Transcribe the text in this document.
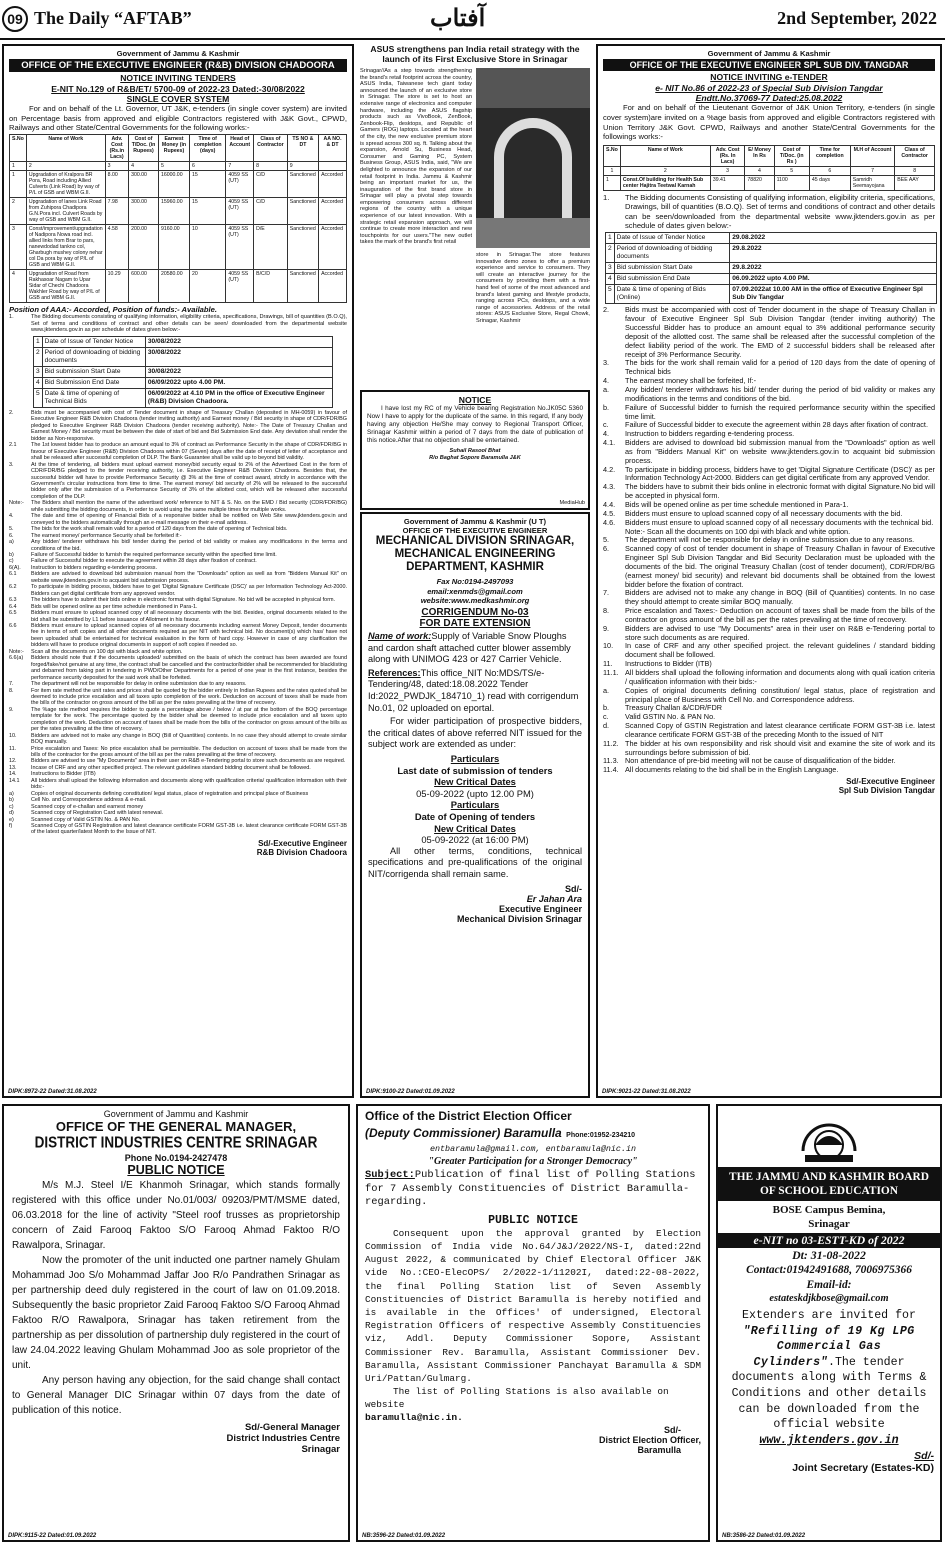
09 The Daily “AFTAB”	آفتاب	2nd September, 2022
Government of Jammu & Kashmir
OFFICE OF THE EXECUTIVE ENGINEER (R&B) DIVISION CHADOORA
NOTICE INVITING TENDERS
E-NIT No.129 of R&B/ET/ 5700-09 of 2022-23 Dated:-30/08/2022
SINGLE COVER SYSTEM
For and on behalf of the Lt. Governor, UT J&K, e-tenders (in single cover system) are invited on Percentage basis from approved and eligible Contractors registered with J&K Govt., CPWD, Railways and other State/Central Governments for the following works:-
S.No	Name of Work	Adv. Cost (Rs.in Lacs)	Cost of T/Doc. (in Rupees)	Earnest Money (in Rupees)	Time of completion (days)	Head of Account	Class of Contractor	TS NO & DT	AA NO. & DT
1	2	3	4	5	6	7	8	9	
1	Upgradation of Kralpora BR Pora, Road including Allied Culverts (Link Road) by way of P/L of GSB and WBM G.II.	8.00	300.00	16000.00	15	4059 SS (UT)	C/D	Sanctioned	Accorded
2	Upgradation of lanes Link Road from Zuhipora Chadipora G.N.Pora incl. Culvert Roads by way of GSB and WBM G.II.	7.98	300.00	15960.00	15	4059 SS (UT)	C/D	Sanctioned	Accorded
3	Const/improvement/upgradation of Nadipora Nowa road incl. allied links from Brar to pars, nanewdodad tankno col, Gharbugh mushey colony nehar col Da pora by way of P/L of GSB and WBM G.II.	4.58	200.00	9160.00	10	4059 SS (UT)	D/E	Sanctioned	Accorded
4	Upgradation of Road from Rakhasoar Nagam to Upar Sidar of Chechi Chadoora Wakhler Road by way of P/L of GSB and WBM G.II.	10.29	600.00	20580.00	20	4059 SS (UT)	B/C/D	Sanctioned	Accorded
Position of AAA:- Accorded, Position of funds:- Available.
1.	The Bidding documents consisting of qualifying information, eligibility criteria, specifications, Drawings, bill of quantities (B.O.Q), Set of terms and conditions of contract and other details can be seen/ downloaded from the departmental website www.jktenders.gov.in as per schedule of dates given below:-
1	Date of Issue of Tender Notice	30/08/2022
2	Period of downloading of bidding documents	30/08/2022
3	Bid submission Start Date	30/08/2022
4	Bid Submission End Date	06/09/2022 upto 4.00 PM.
5	Date & time of opening of Technical Bids	06/09/2022 at 4.10 PM in the office of Executive Engineer (R&B) Division Chadoora.
2.	Bids must be accompanied with cost of Tender document in shape of Treasury Challan (deposited in MH-0059) in favour of Executive Engineer R&B Division Chadoora (tender inviting authority) and Earnest money / Bid security in shape of CDR/FDR/BG pledged to Executive Engineer R&B Division Chadoora (tender receiving authority). Note:- The Date of Treasury Challan and Earnest Money / Bid security must be between the date of start of bid and Bid Submission End date. Any deviation shall render the bidder as Non-responsive.
2.1	The 1st lowest bidder has to produce an amount equal to 3% of contract as Performance Security in the shape of CDR/FDR/BG in favour of Executive Engineer (R&B) Division Chadoora within 07 (Seven) days after the date of receipt of letter of acceptance and shall be released after successful completion of DLP. The Bank Guarantee shall be valid up to beyond bid validity.
3.	At the time of tendering, all bidders must upload earnest money/bid security equal to 2% of the Advertised Cost in the form of CDR/FDR/BG pledged to the tender receiving authority, i.e. Executive Engineer R&B Division Chadoora. Besides that, the successful bidder will have to provide Performance Security @ 3% at the time of contract award, strictly in accordance with the Government's circular instructions from time to time. The earnest money/ bid security of 2% will be released to the successful bidder only after the submission of a Performance Security of 3% of the allotted cost, which will be released after successful completion of the DLP.
Note:-	The Bidders shall mention the name of the advertised work/ reference to NIT & S. No. on the EMD / Bid security (CDR/FDR/BG) while submitting the bidding documents, in order to avoid using the same multiple times for multiple works.
4.	The date and time of opening of Financial Bids of a responsive bidder shall be notified on Web Site www.jktenders.gov.in and conveyed to the bidders automatically through an e-mail message on their e-mail address.
5.	The bids for the work shall remain valid for a period of 120 days from the date of opening of Technical bids.
6.	The earnest money/ performance Security shall be forfeited if:-
a)	Any bidder/ tenderer withdraws his bid/ tender during the period of bid validity or makes any modifications in the terms and conditions of the bid.
b)	Failure of Successful bidder to furnish the required performance security within the specified time limit.
c)	Failure of Successful bidder to execute the agreement within 28 days after fixation of contract.
6(A).	Instruction to bidders regarding e-tendering process.
6.1	Bidders are advised to download bid submission manual from the "Downloads" option as well as from "Bidders Manual Kit" on website www.jktenders.gov.in to acquaint bid submission process.
6.2	To participate in bidding process, bidders have to get 'Digital Signature Certificate (DSC)' as per Information Technology Act-2000. Bidders can get digital certificate from any approved vendor.
6.3	The bidders have to submit their bids online in electronic format with digital Signature. No bid will be accepted in physical form.
6.4	Bids will be opened online as per time schedule mentioned in Para-1.
6.5	Bidders must ensure to upload scanned copy of all necessary documents with the bid. Besides, original documents related to the bid shall be submitted by L1 before issuance of Allotment in his favour.
6.6	Bidders must ensure to upload scanned copies of all necessary documents including earnest Money Deposit, tender documents fee in terms of soft copies and all other documents required as per NIT with technical bid. No document(s) which has/ have not been uploaded shall be entertained for technical evaluation in the form of hard copy. However in case of any clarification the bidders will have to produce original documents in support of soft copies if needed so.
Note:-	Scan all the documents on 100 dpi with black and white option.
6.6(a)	Bidders should note that if the documents uploaded/ submitted on the basis of which the contract has been awarded are found forged/fake/not genuine at any time, the contract shall be cancelled and the contractor/bidder shall be recommended for blacklisting and debarred from taking part in tendering in PWD/Other Departments for a period of one year in the first instance, besides the performance security deposited for the said work shall be forfeited.
7.	The department will not be responsible for delay in online submission due to any reasons.
8.	For item rate method the unit rates and prices shall be quoted by the bidder entirely in Indian Rupees and the rates quoted shall be deemed to include price escalation and all taxes upto completion of the work. Deduction on account of taxes shall be made from the bills of the contractor on gross amount of the bill as per the rates prevailing at the time of recovery.
9.	The %age rate method requires the bidder to quote a percentage above / below / at par at the bottom of the BOQ percentage template for the work. The percentage quoted by the bidder shall be deemed to include price escalation and all taxes upto completion of the work. Deduction on account of taxes shall be made from the bills of the contractor on gross amount of the bills as per the rates prevailing at the time of recovery.
10.	Bidders are advised not to make any change in BOQ (Bill of Quantities) contents. In no case they should attempt to create similar BOQ manually.
11.	Price escalation and Taxes: No price escalation shall be permissible. The deduction on account of taxes shall be made from the bills of the contractor for the gross amount of the bill as per the rates prevailing at the time of recovery.
12.	Bidders are advised to use "My Documents" area in their user on R&B e-Tendering portal to store such documents as are required.
13.	Incase of CRF and any other specified project. The relevant guidelines standard bidding document shall be followed.
14.	Instructions to Bidder (ITB)
14.1	All bidders shall upload the following information and documents along with qualification criteria/ qualification information with their bids:-
a)	Copies of original documents defining constitution/ legal status, place of registration and principal place of Business
b)	Cell No. and Correspondence address & e-mail.
c)	Scanned copy of e-challan and earnest money
d)	Scanned copy of Registration Card with latest renewal.
e)	Scanned copy of Valid GSTIN No. & PAN No.
f)	Scanned Copy of GSTIN Registration and latest clearance certificate FORM GST-3B i.e. latest clearance certificate FORM GST-3B of the latest quarter/latest Month to the Issue of NIT.
Sd/-Executive Engineer
R&B Division Chadoora
DIPK:8972-22 Dated:31.08.2022
ASUS strengthens pan India retail strategy with the launch of its First Exclusive Store in Srinagar
Srinagar//As a step towards strengthening the brand's retail footprint across the country, ASUS India, Taiwanese tech giant today announced the launch of an exclusive store in Srinagar. The store is set to host an extensive range of electronics and computer hardware, including the ASUS flagship products such as VivoBook, ZenBook, Zenbook-Flip, desktops, and Republic of Gamers (ROG) laptops. Located at the heart of the city, the new exclusive premium store is spread across 300 sq. ft. Talking about the expansion, Arnold Su, Business Head, Consumer and Gaming PC, System Business Group, ASUS India, said, "We are delighted to announce the expansion of our retail footprint in India. Jammu & Kashmir being an important market for us, the inauguration of the first brand store in Srinagar will play a pivotal step towards empowering consumers across different regions of the country with a unique experience of our latest innovation. With a strategic retail expansion approach, we will continue to create more interaction and new touchpoints for our users."The new outlet takes the mark of the brand's first retail
store in Srinagar.The store features innovative demo zones to offer a premium experience and service to consumers. They will create an interactive journey for the consumers by providing them with a first-hand feel of some of the most advanced and brand's latest gaming and lifestyle products, ranging across PCs, desktops, and a wide range of accessories. Address of the retail stores: ASUS Exclusive Store, Regal Chowk, Srinagar, Kashmir
NOTICE
I have lost my RC of my Vehicle bearing Registration No.JK05C 5360 Now I have to apply for the duplicate of the same. In this regard, If any body having any objection He/She may convey to Regional Transport Officer, Srinagar Kashmir within a period of 7 days from the date of publication of this notice.After that no objection shall be entertained.
Suhail Rasool Bhat
R/o Baghat Sopore Baramulla J&K
MediaHub
Government of Jammu & Kashmir (U T)
OFFICE OF THE EXECUTIVE ENGINEER
MECHANICAL DIVISION SRINAGAR,
MECHANICAL ENGINEERING
DEPARTMENT, KASHMIR
Fax No:0194-2497093
email:xenmds@gmail.com
website:www.medkashmir.org
CORRIGENDUM No-03
FOR DATE EXTENSION
Name of work:Supply of Variable Snow Ploughs and cardon shaft attached cutter blower assembly along with UNIMOG 423 or 427 Carrier Vehicle.
References:This office_NIT No:MDS/TS/e-Tendering/48, dated:18.08.2022 Tender Id:2022_PWDJK_184710_1) read with corrigendum No.01, 02 uploaded on eportal.
For wider participation of prospective bidders, the critical dates of above referred NIT issued for the subject work are extended as under:
Particulars
Last date of submission of tenders
New Critical Dates
05-09-2022 (upto 12.00 PM)
Particulars
Date of Opening of tenders
New Critical Dates
05-09-2022 (at 16:00 PM)
All other terms, conditions, technical specifications and pre-qualifications of the original NIT/corrigenda shall remain same.
Sd/-
Er Jahan Ara
Executive Engineer
Mechanical Division Srinagar
DIPK:9100-22 Dated:01.09.2022
Government of Jammu & Kashmir
OFFICE OF THE EXECUTIVE ENGINEER SPL SUB DIV. TANGDAR
NOTICE INVITING e-TENDER
e- NIT No.86 of 2022-23 of Special Sub Division Tangdar
Endtt.No.37069-77 Dated:25.08.2022
For and on behalf of the Lieutenant Governor of J&K Union Territory, e-tenders (in single cover system)are invited on a %age basis from approved and eligible Contractors registered with Union Territory J&K Govt. CPWD, Railways and another State/Central Governments for the followings works:-
S.No	Name of Work	Adv. Cost (Rs. In Lacs)	E/ Money In Rs	Cost of T/Doc. (in Rs )	Time for completion	M.H of Account	Class of Contractor
1	2	3	4	5	6	7	8
1	Const.Of building for Health Sub center Hajitra Teetwal Karnah	39.41	78820	1100	45 days	Samridh Seemayojana	BEE AAY
1.	The Bidding documents Consisting of qualifying information, eligibility criteria, specifications, Drawings, bill of quantities (B.O.Q). Set of terms and conditions of contract and other details can be seen/downloaded from the departmental website www.jktenders.gov.in as per schedule of dates given below:-
1	Date of Issue of Tender Notice	29.08.2022
2	Period of downloading of bidding documents	29.8.2022
3	Bid submission Start Date	29.8.2022
4	Bid submission End Date	06.09.2022 upto 4.00 PM.
5	Date & time of opening of Bids (Online)	07.09.2022at 10.00 AM in the office of Executive Engineer Spl Sub Div Tangdar
2.	Bids must be accompanied with cost of Tender document in the shape of Treasury Challan in favour of Executive Engineer Spl Sub Division Tangdar (tender inviting authority) The Successful Bidder has to produce an amount equal to 3% additional performance security deposit of the allotted cost. The same shall be released after the successful completion of the defect liability period of the work. The EMD of 2 successful bidders shall be released after receipt of 3% Performance Security.
3.	The bids for the work shall remain valid for a period of 120 days from the date of opening of Technical bids
4.	The earnest money shall be forfeited, If:-
a.	Any bidder/ tenderer withdraws his bid/ tender during the period of bid validity or makes any modifications in the terms and conditions of the bid.
b.	Failure of Successful bidder to furnish the required performance security within the specified time limit.
c.	Failure of Successful bidder to execute the agreement within 28 days after fixation of contract.
4.	Instruction to bidders regarding e-tendering process.
4.1.	Bidders are advised to download bid submission manual from the "Downloads" option as well as from "Bidders Manual Kit" on website www.jktenders.gov.in to acquaint bid submission process.
4.2.	To participate in bidding process, bidders have to get 'Digital Signature Certificate (DSC)' as per Information Technology Act-2000. Bidders can get digital certificate from any approved Vendor.
4.3.	The bidders have to submit their bids online in electronic format with digital Signature.No bid will be accepted in physical form.
4.4.	Bids will be opened online as per time schedule mentioned in Para-1.
4.5.	Bidders must ensure to upload scanned copy of all necessary documents with the bid.
4.6.	Bidders must ensure to upload scanned copy of all necessary documents with the technical bid.
Note:- Scan all the documents on 100 dpi with black and white option.
5.	The department will not be responsible for delay in online submission due to any reasons.
6.	Scanned copy of cost of tender document in shape of Treasury Challan in favour of Executive Engineer Spl Sub Division Tangdar and Bid Security Declaration must be uploaded with the documents of the bid. The original Treasury Challan (cost of tender document), CDR/FDR/BG (earnest money/ bid security) and relevant bid documents shall be obtained from the lowest bidder before the fixation of contract.
7.	Bidders are advised not to make any change in BOQ (Bill of Quantities) contents. In no case they should attempt to create similar BOQ manually.
8.	Price escalation and Taxes:- Deduction on account of taxes shall be made from the bills of the contractor on gross amount of the bill as per the rates prevailing at the time of recovery.
9.	Bidders are advised to use "My Documents" area in their user on R&B e-Tendering portal to store such documents as are required.
10.	In case of CRF and any other specified project. the relevant guidelines / standard bidding document shall be followed.
11.	Instructions to Bidder (ITB)
11.1. All bidders shall upload the following information and documents along with quali ication criteria / qualification information with their bids:-
a.	Copies of original documents defining constitution/ legal status, place of registration and principal place of Business with Cell No. and Correspondence address.
b.	Treasury Challan &/CDR/FDR
c.	Valid GSTIN No. & PAN No.
d.	Scanned Copy of GSTIN Registration and latest clearance certificate FORM GST-3B i.e. latest clearance certificate FORM GST-3B of the preceding Month to the issued of NIT
11.2. The bidder at his own responsibility and risk should visit and examine the site of work and its surroundings before submission of bid.
11.3. Non attendance of pre-bid meeting will not be cause of disqualification of the bidder.
11.4. All documents relating to the bid shall be in the English Language.
Sd/-Executive Engineer
Spl Sub Division Tangdar
DIPK:9021-22 Dated:31.08.2022
Government of Jammu and Kashmir
OFFICE OF THE GENERAL MANAGER,
DISTRICT INDUSTRIES CENTRE SRINAGAR
Phone No.0194-2427478
PUBLIC NOTICE
M/s M.J. Steel I/E Khanmoh Srinagar, which stands formally registered with this office under No.01/003/ 09203/PMT/MSME dated, 06.03.2018 for the line of activity "Steel roof trusses as proprietorship concern of Zaid Farooq Faktoo S/O Farooq Ahmad Faktoo R/O Rawalpora, Srinagar.
Now the promoter of the unit inducted one partner namely Ghulam Mohammad Joo S/o Mohammad Jaffar Joo R/o Pandrathen Srinagar as per partnership deed duly registered in the court of law on 01.09.2018. Subsequently the basic proprietor Zaid Farooq Faktoo S/O Farooq Ahmad Faktoo R/O Rawalpora, Srinagar has taken retirement from the partnership as per dissolution of partnership duly registered in the court of law 24.04.2022 leaving Ghulam Mohammad Joo as sole proprietor of the unit.
Any person having any objection, for the said change shall contact to General Manager DIC Srinagar within 07 days from the date of publication of this notice.
Sd/-General Manager
District Industries Centre
Srinagar
DIPK:9115-22 Dated:01.09.2022
Office of the District Election Officer
(Deputy Commissioner) Baramulla Phone:01952-234210
entbaramula@gmail.com, entbaramula@nic.in
"Greater Participation for a Stronger Democracy"
Subject:Publication of final list of Polling Stations for 7 Assembly Constituencies of District Baramulla-regarding.
PUBLIC NOTICE
Consequent upon the approval granted by Election Commission of India vide No.64/J&J/2022/NS-I, dated:22nd August 2022, & communicated by Chief Electoral Officer J&K vide No.:CEO-ElecOPS/ 2/2022-1/11202I, dated:22-08-2022, the final Polling Station list of Seven Assembly Constituencies of District Baramulla is hereby notified and is available in the Offices' of undersigned, Electoral Registration Officers of respective Assembly Constituencies viz, Addl. Deputy Commissioner Sopore, Assistant Commissioner Rev. Baramulla, Assistant Commissioner Dev. Baramulla, Assistant Commissioner Panchayat Baramulla & SDM Uri/Pattan/Gulmarg.
The list of Polling Stations is also available on website
baramulla@nic.in.
Sd/-
District Election Officer,
Baramulla
NB:3596-22 Dated:01.09.2022
THE JAMMU AND KASHMIR BOARD
OF SCHOOL EDUCATION
BOSE Campus Bemina,
Srinagar
e-NIT no 03-ESTT-KD of 2022
Dt: 31-08-2022
Contact:01942491688, 7006975366
Email-id:
estateskdjkbose@gmail.com
Extenders are invited for "Refilling of 19 Kg LPG Commercial Gas Cylinders".The tender documents along with Terms & Conditions and other details can be downloaded from the official website www.jktenders.gov.in
Sd/-
Joint Secretary (Estates-KD)
NB:3586-22 Dated:01.09.2022
